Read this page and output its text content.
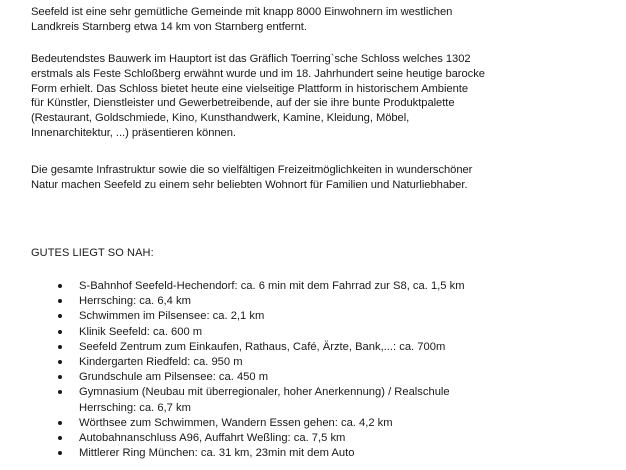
Seefeld ist eine sehr gemütliche Gemeinde mit knapp 8000 Einwohnern im westlichen
Landkreis Starnberg etwa 14 km von Starnberg entfernt.

Bedeutendstes Bauwerk im Hauptort ist das Gräflich Toerring`sche Schloss welches 1302
erstmals als Feste Schloßberg erwähnt wurde und im 18. Jahrhundert seine heutige barocke
Form erhielt. Das Schloss bietet heute eine vielseitige Plattform in historischem Ambiente
für Künstler, Dienstleister und Gewerbetreibende, auf der sie ihre bunte Produktpalette
(Restaurant, Goldschmiede, Kino, Kunsthandwerk, Kamine, Kleidung, Möbel,
Innenarchitektur, ...) präsentieren können.

Die gesamte Infrastruktur sowie die so vielfältigen Freizeitmöglichkeiten in wunderschöner
Natur machen Seefeld zu einem sehr beliebten Wohnort für Familien und Naturliebhaber.

GUTES LIEGT SO NAH:
S-Bahnhof Seefeld-Hechendorf: ca. 6 min mit dem Fahrrad zur S8, ca. 1,5 km
Herrsching: ca. 6,4 km
Schwimmen im Pilsensee: ca. 2,1 km
Klinik Seefeld: ca. 600 m
Seefeld Zentrum zum Einkaufen, Rathaus, Café, Ärzte, Bank,...: ca. 700m
Kindergarten Riedfeld: ca. 950 m
Grundschule am Pilsensee: ca. 450 m
Gymnasium (Neubau mit überregionaler, hoher Anerkennung) / Realschule
Herrsching: ca. 6,7 km
Wörthsee zum Schwimmen, Wandern Essen gehen: ca. 4,2 km
Autobahnanschluss A96, Auffahrt Weßling: ca. 7,5 km
Mittlerer Ring München: ca. 31 km, 23min mit dem Auto
